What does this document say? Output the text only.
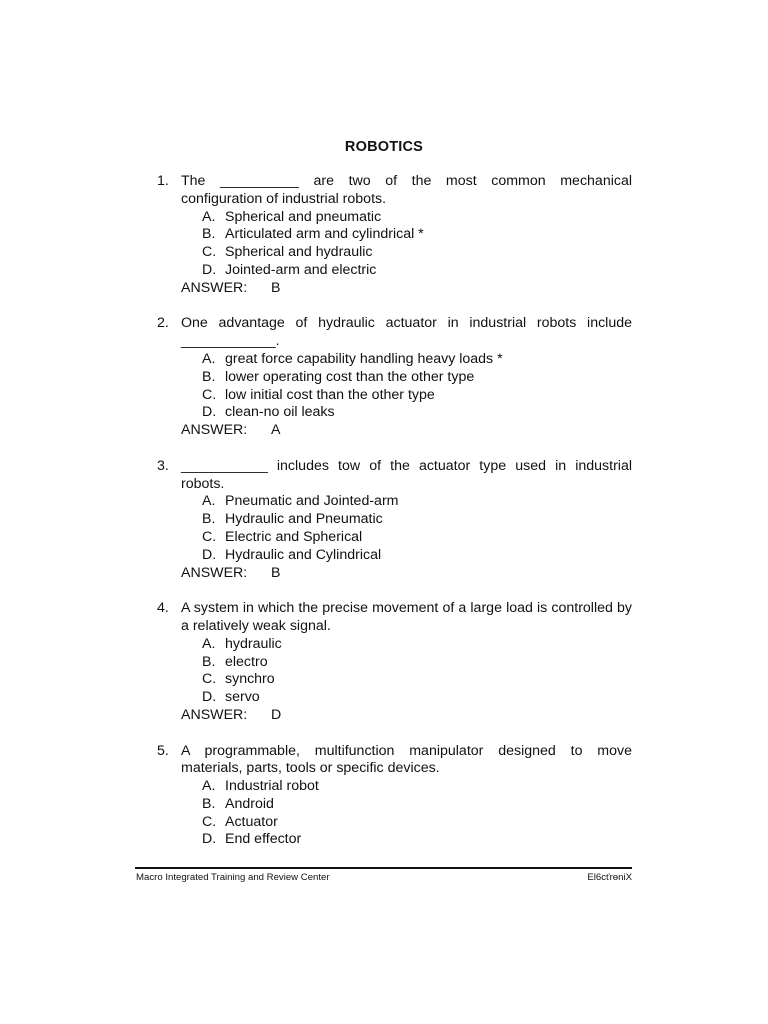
ROBOTICS
1. The __________ are two of the most common mechanical configuration of industrial robots.
A. Spherical and pneumatic
B. Articulated arm and cylindrical *
C. Spherical and hydraulic
D. Jointed-arm and electric
ANSWER:	B
2. One advantage of hydraulic actuator in industrial robots include ____________.
A. great force capability handling heavy loads *
B. lower operating cost than the other type
C. low initial cost than the other type
D. clean-no oil leaks
ANSWER:	A
3. ___________ includes tow of the actuator type used in industrial robots.
A. Pneumatic and Jointed-arm
B. Hydraulic and Pneumatic
C. Electric and Spherical
D. Hydraulic and Cylindrical
ANSWER:	B
4. A system in which the precise movement of a large load is controlled by a relatively weak signal.
A. hydraulic
B. electro
C. synchro
D. servo
ANSWER:	D
5. A programmable, multifunction manipulator designed to move materials, parts, tools or specific devices.
A. Industrial robot
B. Android
C. Actuator
D. End effector
Macro Integrated Training and Review Center	El6cťrөniX
